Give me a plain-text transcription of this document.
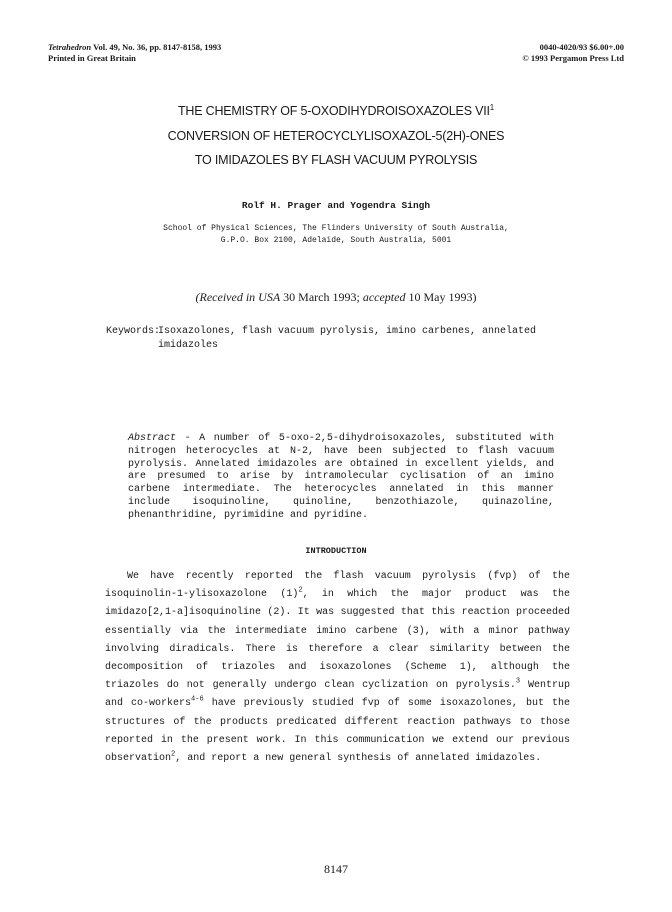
Tetrahedron Vol. 49, No. 36, pp. 8147-8158, 1993
Printed in Great Britain
0040-4020/93 $6.00+.00
© 1993 Pergamon Press Ltd
THE CHEMISTRY OF 5-OXODIHYDROISOXAZOLES VII$^1$
CONVERSION OF HETEROCYCLYLISOXAZOL-5(2H)-ONES
TO IMIDAZOLES BY FLASH VACUUM PYROLYSIS
Rolf H. Prager and Yogendra Singh
School of Physical Sciences, The Flinders University of South Australia,
G.P.O. Box 2100, Adelaide, South Australia, 5001
(Received in USA 30 March 1993; accepted 10 May 1993)
Keywords:
Isoxazolones, flash vacuum pyrolysis, imino carbenes, annelated imidazoles
Abstract - A number of 5-oxo-2,5-dihydroisoxazoles, substituted with nitrogen heterocycles at N-2, have been subjected to flash vacuum pyrolysis. Annelated imidazoles are obtained in excellent yields, and are presumed to arise by intramolecular cyclisation of an imino carbene intermediate. The heterocycles annelated in this manner include isoquinoline, quinoline, benzothiazole, quinazoline, phenanthridine, pyrimidine and pyridine.
INTRODUCTION

We have recently reported the flash vacuum pyrolysis (fvp) of the isoquinolin-1-ylisoxazolone $(1)^2$, in which the major product was the imidazo[2,1-a]isoquinoline (2). It was suggested that this reaction proceeded essentially via the intermediate imino carbene (3), with a minor pathway involving diradicals. There is therefore a clear similarity between the decomposition of triazoles and isoxazolones (Scheme 1), although the triazoles do not generally undergo clean cyclization on pyrolysis.$^3$ Wentrup and co-workers$^{4-6}$ have previously studied fvp of some isoxazolones, but the structures of the products predicated different reaction pathways to those reported in the present work. In this communication we extend our previous observation$^2$, and report a new general synthesis of annelated imidazoles.

8147
